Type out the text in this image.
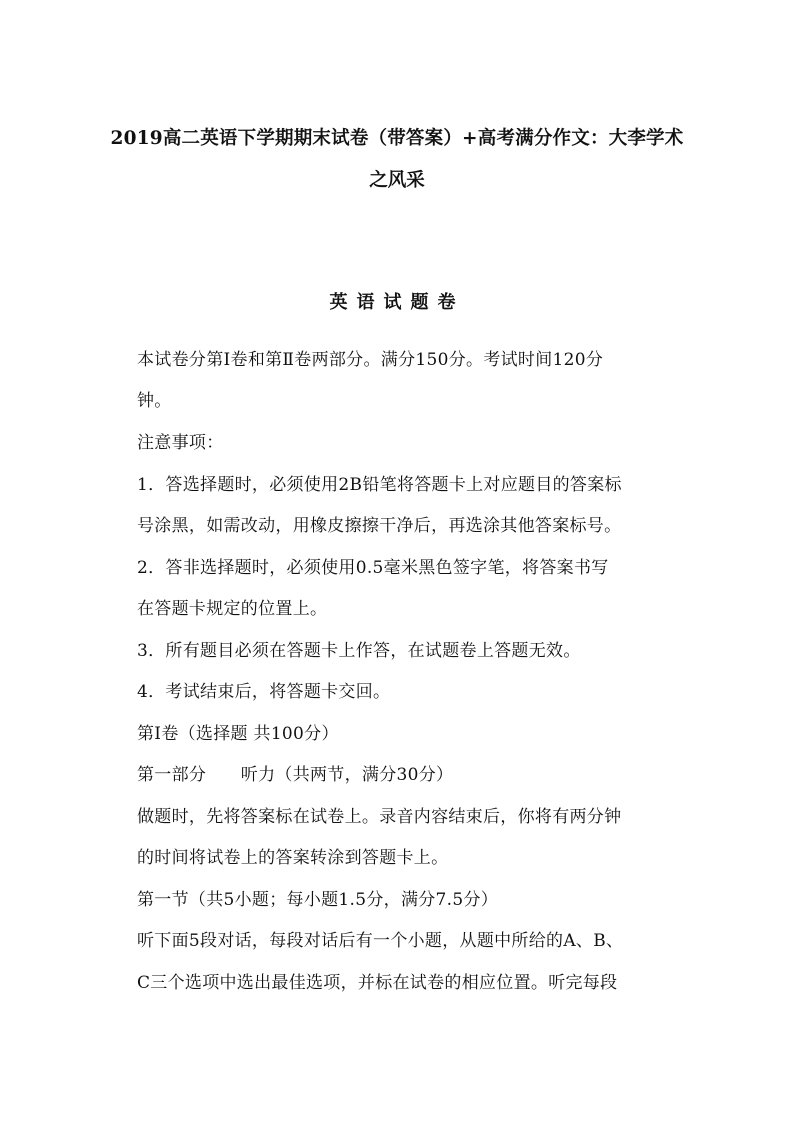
2019高二英语下学期期末试卷（带答案）+高考满分作文：大李学术
之风采
英语试题卷
本试卷分第Ⅰ卷和第Ⅱ卷两部分。满分150分。考试时间120分
钟。
注意事项：
1．答选择题时，必须使用2B铅笔将答题卡上对应题目的答案标
号涂黑，如需改动，用橡皮擦擦干净后，再选涂其他答案标号。
2．答非选择题时，必须使用0.5毫米黑色签字笔，将答案书写
在答题卡规定的位置上。
3．所有题目必须在答题卡上作答，在试题卷上答题无效。
4．考试结束后，将答题卡交回。
第Ⅰ卷（选择题 共100分）
第一部分　　听力（共两节，满分30分）
做题时，先将答案标在试卷上。录音内容结束后，你将有两分钟
的时间将试卷上的答案转涂到答题卡上。
第一节（共5小题；每小题1.5分，满分7.5分）
听下面5段对话，每段对话后有一个小题，从题中所给的A、B、
C三个选项中选出最佳选项，并标在试卷的相应位置。听完每段
